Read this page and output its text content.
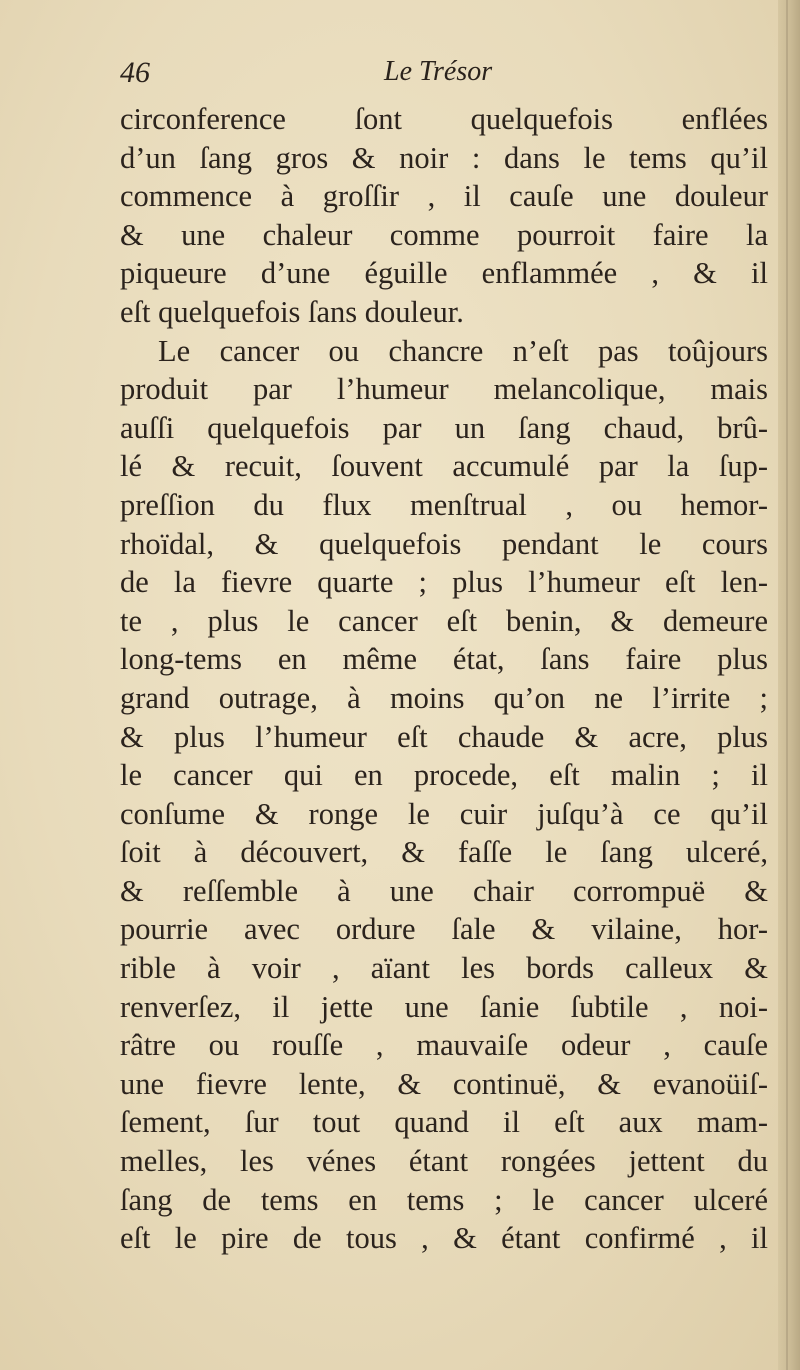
46	Le Trésor
circonference ſont quelquefois enflées
d’un ſang gros & noir : dans le tems qu’il
commence à groſſir , il cauſe une douleur
& une chaleur comme pourroit faire la
piqueure d’une éguille enflammée , & il
eſt quelquefois ſans douleur.
Le cancer ou chancre n’eſt pas toûjours
produit par l’humeur melancolique, mais
auſſi quelquefois par un ſang chaud, brû-
lé & recuit, ſouvent accumulé par la ſup-
preſſion du flux menſtrual , ou hemor-
rhoïdal, & quelquefois pendant le cours
de la fievre quarte ; plus l’humeur eſt len-
te , plus le cancer eſt benin, & demeure
long-tems en même état, ſans faire plus
grand outrage, à moins qu’on ne l’irrite ;
& plus l’humeur eſt chaude & acre, plus
le cancer qui en procede, eſt malin ; il
conſume & ronge le cuir juſqu’à ce qu’il
ſoit à découvert, & faſſe le ſang ulceré,
& reſſemble à une chair corrompuë &
pourrie avec ordure ſale & vilaine, hor-
rible à voir , aïant les bords calleux &
renverſez, il jette une ſanie ſubtile , noi-
râtre ou rouſſe , mauvaiſe odeur , cauſe
une fievre lente, & continuë, & evanoüiſ-
ſement, ſur tout quand il eſt aux mam-
melles, les vénes étant rongées jettent du
ſang de tems en tems ; le cancer ulceré
eſt le pire de tous , & étant confirmé , il
